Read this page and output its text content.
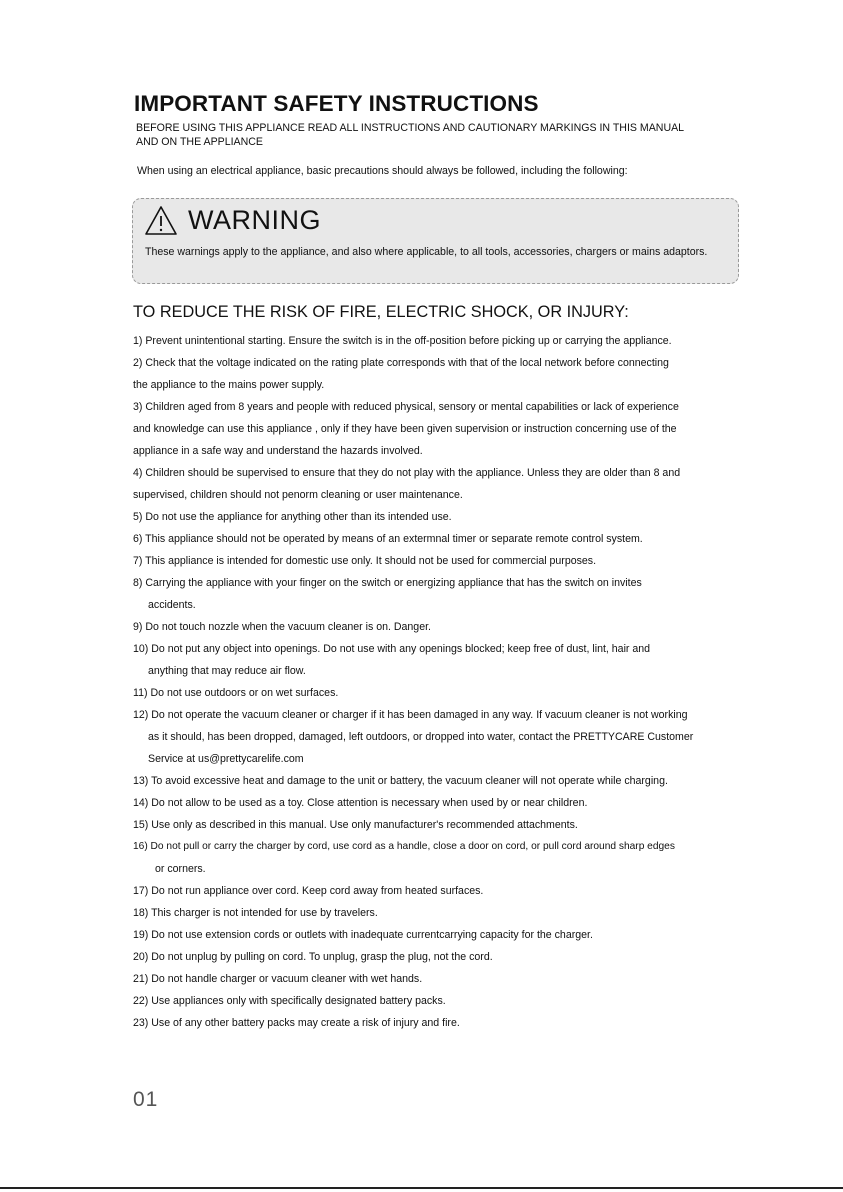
IMPORTANT SAFETY INSTRUCTIONS
BEFORE USING THIS APPLIANCE READ ALL INSTRUCTIONS AND CAUTIONARY MARKINGS IN THIS MANUAL AND ON THE APPLIANCE
When using an electrical appliance, basic precautions should always be followed, including the following:
WARNING
These warnings apply to the appliance, and also where applicable, to all tools, accessories, chargers or mains adaptors.
TO REDUCE THE RISK OF FIRE, ELECTRIC SHOCK, OR INJURY:
1) Prevent unintentional starting. Ensure the switch is in the off-position before picking up or carrying the appliance.
2) Check that the voltage indicated on the rating plate corresponds with that of the local network before connecting
the appliance to the mains power supply.
3) Children aged from 8 years and people with reduced physical, sensory or mental capabilities or lack of experience
and knowledge can use this appliance , only if they have been given supervision or instruction concerning use of the
appliance in a safe way and understand the hazards involved.
4) Children should be supervised to ensure that they do not play with the appliance. Unless they are older than 8 and
supervised, children should not penorm cleaning or user maintenance.
5) Do not use the appliance for anything other than its intended use.
6) This appliance should not be operated by means of an extermnal timer or separate remote control system.
7) This appliance is intended for domestic use only. It should not be used for commercial purposes.
8) Carrying the appliance with your finger on the switch or energizing appliance that has the switch on invites
accidents.
9) Do not touch nozzle when the vacuum cleaner is on. Danger.
10) Do not put any object into openings. Do not use with any openings blocked; keep free of dust, lint, hair and
anything that may reduce air flow.
11) Do not use outdoors or on wet surfaces.
12) Do not operate the vacuum cleaner or charger if it has been damaged in any way. If vacuum cleaner is not working
as it should, has been dropped, damaged, left outdoors, or dropped into water, contact the PRETTYCARE Customer
Service at us@prettycarelife.com
13) To avoid excessive heat and damage to the unit or battery, the vacuum cleaner will not operate while charging.
14) Do not allow to be used as a toy. Close attention is necessary when used by or near children.
15) Use only as described in this manual. Use only manufacturer's recommended attachments.
16) Do not pull or carry the charger by cord, use cord as a handle, close a door on cord, or pull cord around sharp edges
or corners.
17) Do not run appliance over cord. Keep cord away from heated surfaces.
18) This charger is not intended for use by travelers.
19) Do not use extension cords or outlets with inadequate currentcarrying capacity for the charger.
20) Do not unplug by pulling on cord. To unplug, grasp the plug, not the cord.
21) Do not handle charger or vacuum cleaner with wet hands.
22) Use appliances only with specifically designated battery packs.
23) Use of any other battery packs may create a risk of injury and fire.
01
